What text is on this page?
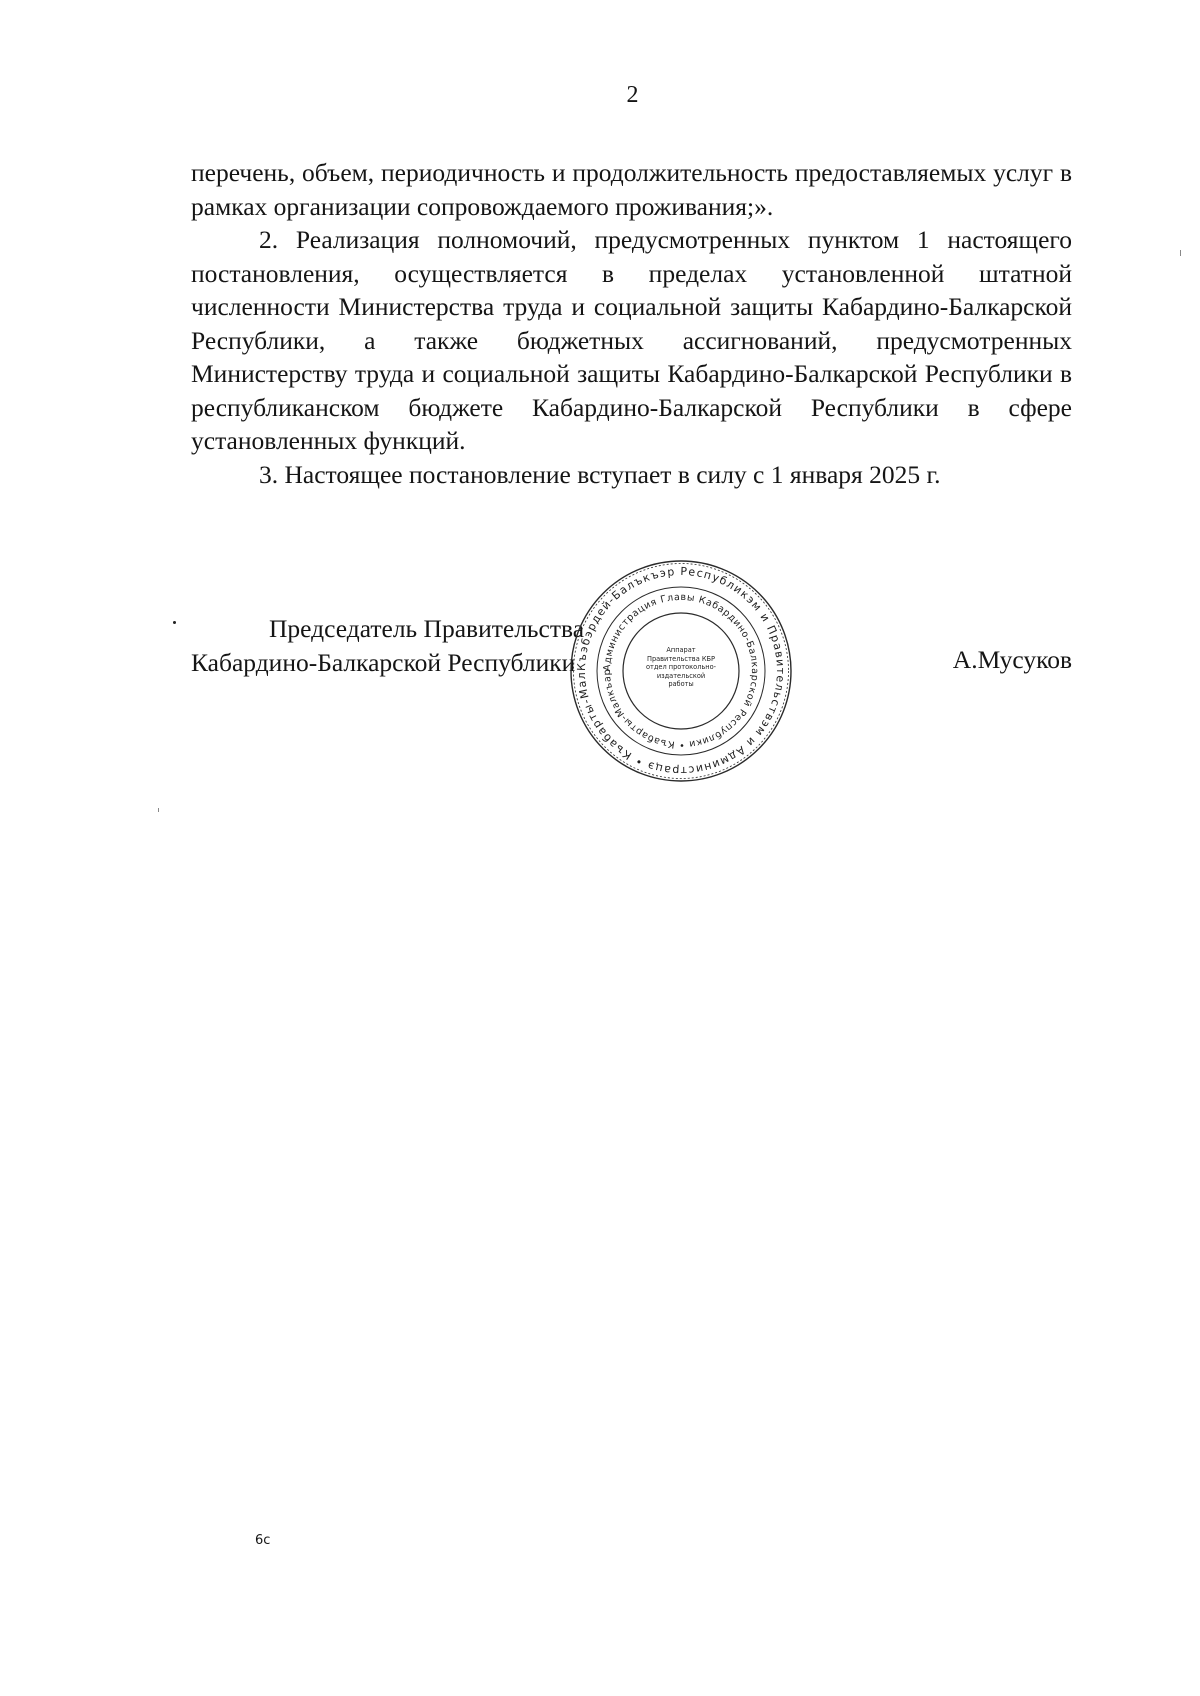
2

перечень, объем, периодичность и продолжительность предоставляемых услуг в рамках организации сопровождаемого проживания;».

2. Реализация полномочий, предусмотренных пунктом 1 настоящего постановления, осуществляется в пределах установленной штатной численности Министерства труда и социальной защиты Кабардино-Балкарской Республики, а также бюджетных ассигнований, предусмотренных Министерству труда и социальной защиты Кабардино-Балкарской Республики в республиканском бюджете Кабардино-Балкарской Республики в сфере установленных функций.

3. Настоящее постановление вступает в силу с 1 января 2025 г.

Председатель Правительства
Кабардино-Балкарской Республики	А.Мусуков
Къэбэрдей-Балъкъэр Республикэм и Правительствэм и Администрацэ • Къабарты-Мал
Администрация Главы Кабардино-Балкарской Республики • Къабарты-Малкъар
Аппарат
Правительства КБР
отдел протокольно-
издательской
работы
6с
